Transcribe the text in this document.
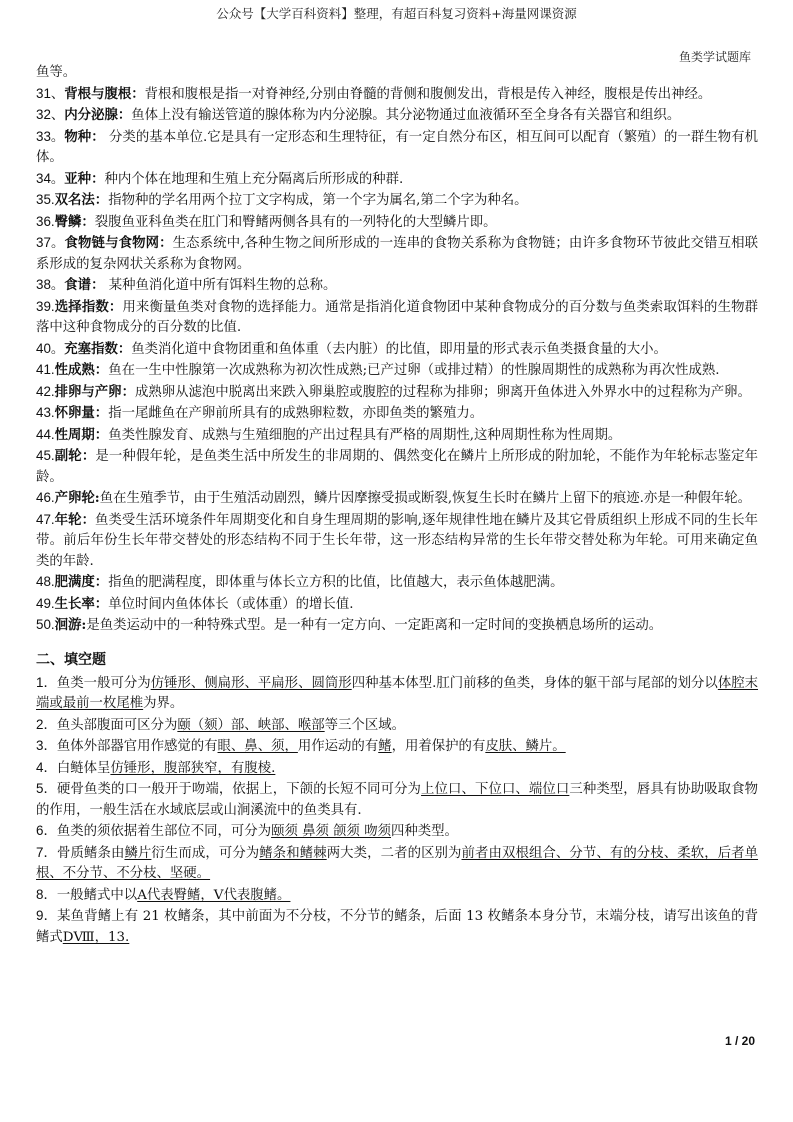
公众号【大学百科资料】整理，有超百科复习资料+海量网课资源
鱼类学试题库

鱼等。

31、背根与腹根：背根和腹根是指一对脊神经,分别由脊髓的背侧和腹侧发出，背根是传入神经，腹根是传出神经。

32、内分泌腺：鱼体上没有输送管道的腺体称为内分泌腺。其分泌物通过血液循环至全身各有关器官和组织。

33。物种： 分类的基本单位.它是具有一定形态和生理特征，有一定自然分布区，相互间可以配育（繁殖）的一群生物有机体。

34。亚种：种内个体在地理和生殖上充分隔离后所形成的种群.

35.双名法：指物种的学名用两个拉丁文字构成，第一个字为属名,第二个字为种名。

36.臀鳞：裂腹鱼亚科鱼类在肛门和臀鳍两侧各具有的一列特化的大型鳞片即。

37。食物链与食物网：生态系统中,各种生物之间所形成的一连串的食物关系称为食物链；由许多食物环节彼此交错互相联系形成的复杂网状关系称为食物网。

38。食谱： 某种鱼消化道中所有饵料生物的总称。

39.选择指数：用来衡量鱼类对食物的选择能力。通常是指消化道食物团中某种食物成分的百分数与鱼类索取饵料的生物群落中这种食物成分的百分数的比值.

40。充塞指数：鱼类消化道中食物团重和鱼体重（去内脏）的比值，即用量的形式表示鱼类摄食量的大小。

41.性成熟：鱼在一生中性腺第一次成熟称为初次性成熟;已产过卵（或排过精）的性腺周期性的成熟称为再次性成熟.

42.排卵与产卵：成熟卵从滤泡中脱离出来跌入卵巢腔或腹腔的过程称为排卵；卵离开鱼体进入外界水中的过程称为产卵。

43.怀卵量：指一尾雌鱼在产卵前所具有的成熟卵粒数，亦即鱼类的繁殖力。

44.性周期：鱼类性腺发育、成熟与生殖细胞的产出过程具有严格的周期性,这种周期性称为性周期。

45.副轮：是一种假年轮，是鱼类生活中所发生的非周期的、偶然变化在鳞片上所形成的附加轮，不能作为年轮标志鉴定年龄。

46.产卵轮:鱼在生殖季节，由于生殖活动剧烈，鳞片因摩擦受损或断裂,恢复生长时在鳞片上留下的痕迹.亦是一种假年轮。

47.年轮：鱼类受生活环境条件年周期变化和自身生理周期的影响,逐年规律性地在鳞片及其它骨质组织上形成不同的生长年带。前后年份生长年带交替处的形态结构不同于生长年带，这一形态结构异常的生长年带交替处称为年轮。可用来确定鱼类的年龄.

48.肥满度：指鱼的肥满程度，即体重与体长立方积的比值，比值越大，表示鱼体越肥满。

49.生长率：单位时间内鱼体体长（或体重）的增长值.

50.洄游:是鱼类运动中的一种特殊式型。是一种有一定方向、一定距离和一定时间的变换栖息场所的运动。

二、填空题

1．鱼类一般可分为仿锤形、侧扁形、平扁形、圆筒形四种基本体型.肛门前移的鱼类，身体的躯干部与尾部的划分以体腔末端或最前一枚尾椎为界。

2．鱼头部腹面可区分为颐（颏）部、峡部、喉部等三个区域。

3．鱼体外部器官用作感觉的有眼、鼻、须，用作运动的有鳍，用着保护的有皮肤、鳞片。

4．白鲢体呈仿锤形，腹部狭窄，有腹棱.

5．硬骨鱼类的口一般开于吻端，依据上，下颌的长短不同可分为上位口、下位口、端位口三种类型，唇具有协助吸取食物的作用，一般生活在水域底层或山涧溪流中的鱼类具有.

6．鱼类的须依据着生部位不同，可分为颐须 鼻须 颌须 吻须四种类型。

7．骨质鳍条由鳞片衍生而成，可分为鳍条和鳍棘两大类，二者的区别为前者由双根组合、分节、有的分枝、柔软，后者单根、不分节、不分枝、坚硬。

8．一般鳍式中以A代表臀鳍，V代表腹鳍。

9．某鱼背鳍上有 21 枚鳍条，其中前面为不分枝，不分节的鳍条，后面 13 枚鳍条本身分节，末端分枝，请写出该鱼的背鳍式DⅧ，13.

1 / 20
